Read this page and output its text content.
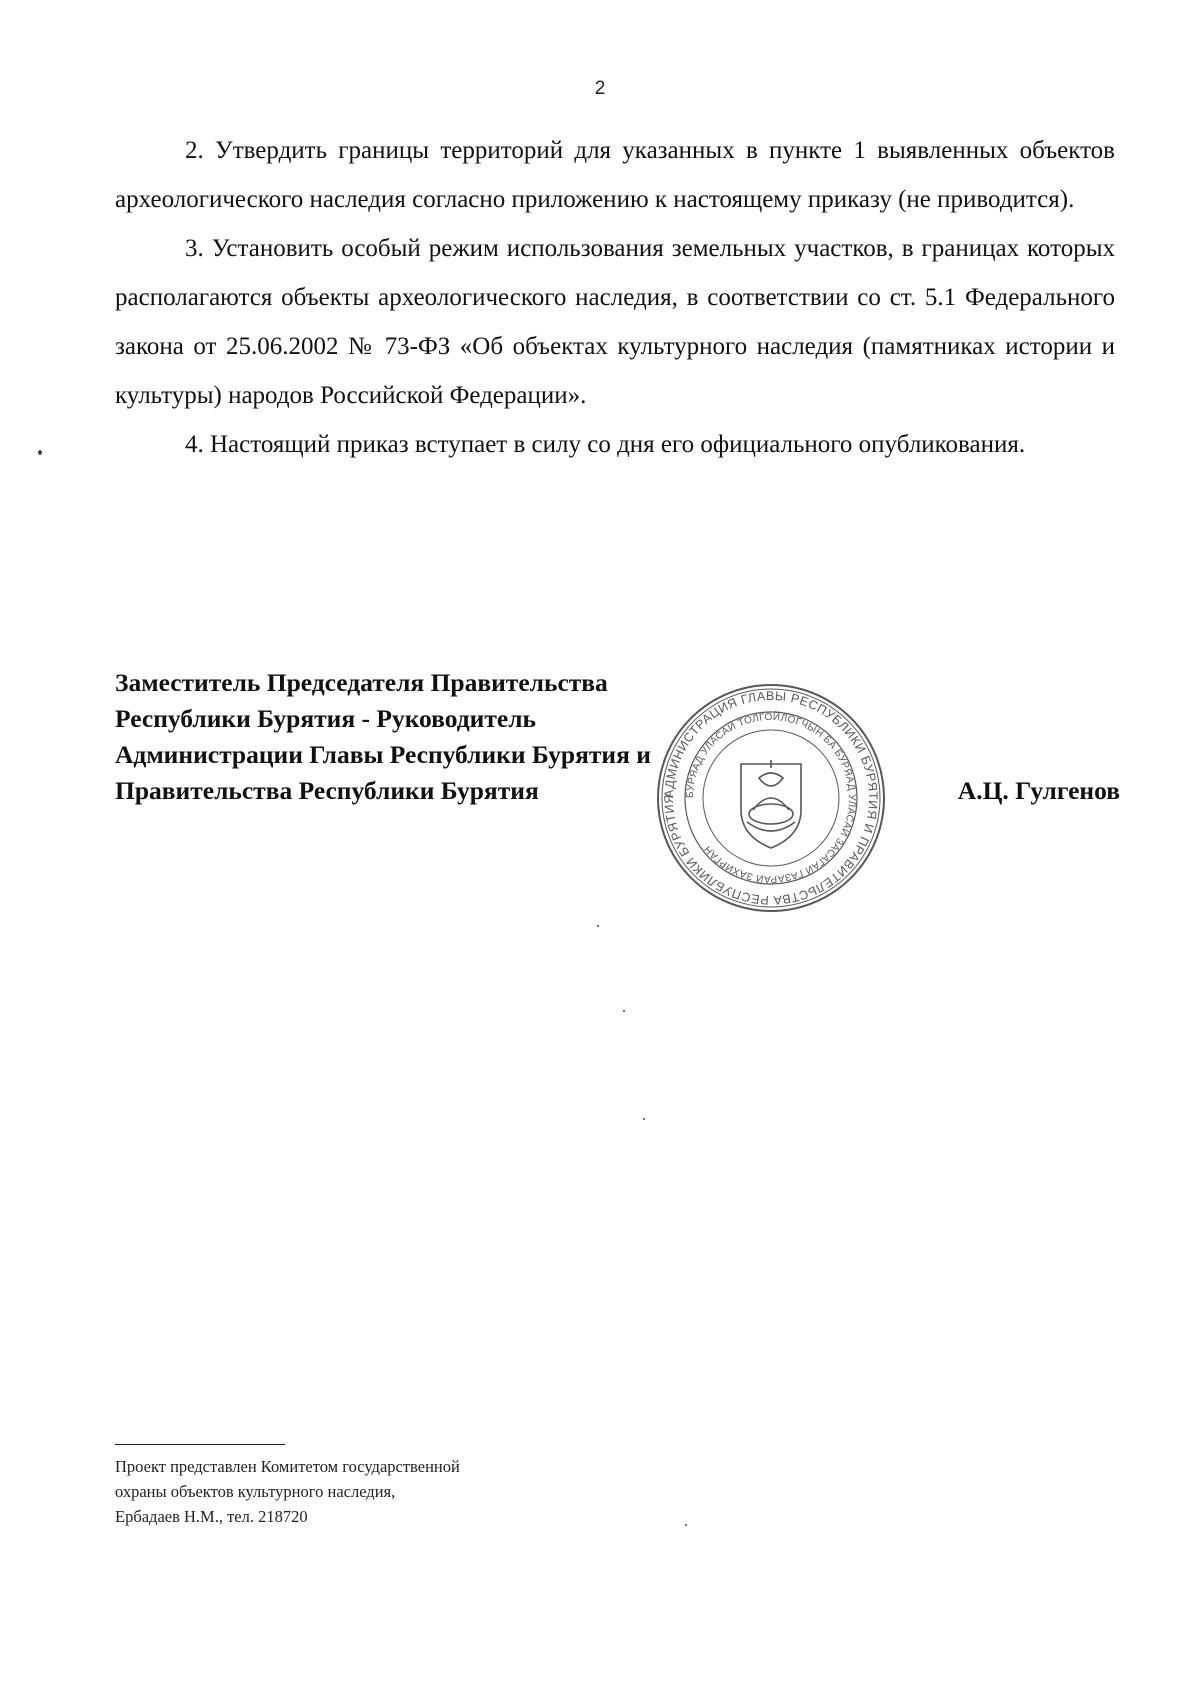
2

2. Утвердить границы территорий для указанных в пункте 1 выявленных объектов археологического наследия согласно приложению к настоящему приказу (не приводится).

3. Установить особый режим использования земельных участков, в границах которых располагаются объекты археологического наследия, в соответствии со ст. 5.1 Федерального закона от 25.06.2002 № 73-ФЗ «Об объектах культурного наследия (памятниках истории и культуры) народов Российской Федерации».

4. Настоящий приказ вступает в силу со дня его официального опубликования.

Заместитель Председателя Правительства
Республики Бурятия - Руководитель
Администрации Главы Республики Бурятия и
Правительства Республики Бурятия	А.Ц. Гулгенов
АДМИНИСТРАЦИЯ ГЛАВЫ РЕСПУБЛИКИ БУРЯТИЯ И ПРАВИТЕЛЬСТВА РЕСПУБЛИКИ БУРЯТИЯ БУРЯАД УЛАСАЙ ТОЛГОЙЛОГЧЫН БА БУРЯАД УЛАСАЙ ЗАСАГАЙ ГАЗАРАЙ ЗАХИРГАН
Проект представлен Комитетом государственной
охраны объектов культурного наследия,
Ербадаев Н.М., тел. 218720
